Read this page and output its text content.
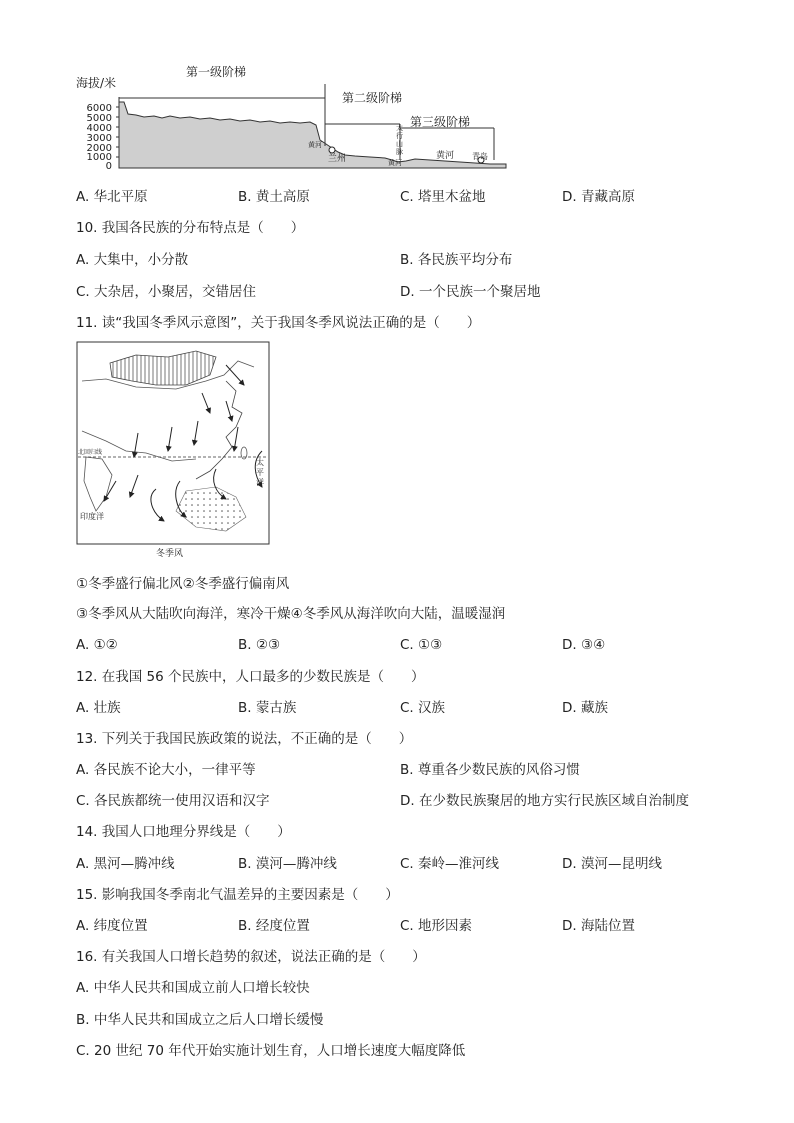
海拔/米
6000
5000
4000
3000
2000
1000
0
第一级阶梯
第二级阶梯
第三级阶梯
太
行
山
脉
黄河
兰州	黄河
黄河 青岛
A. 华北平原	B. 黄土高原	C. 塔里木盆地	D. 青藏高原
10. 我国各民族的分布特点是（　　）
A. 大集中，小分散	B. 各民族平均分布
C. 大杂居，小聚居，交错居住	D. 一个民族一个聚居地
11. 读“我国冬季风示意图”，关于我国冬季风说法正确的是（　　）
北回归线
太 平 洋
印度洋
冬季风
①冬季盛行偏北风②冬季盛行偏南风
③冬季风从大陆吹向海洋，寒冷干燥④冬季风从海洋吹向大陆，温暖湿润
A. ①②	B. ②③	C. ①③	D. ③④
12. 在我国 56 个民族中，人口最多的少数民族是（　　）
A. 壮族	B. 蒙古族	C. 汉族	D. 藏族
13. 下列关于我国民族政策的说法，不正确的是（　　）
A. 各民族不论大小，一律平等	B. 尊重各少数民族的风俗习惯
C. 各民族都统一使用汉语和汉字	D. 在少数民族聚居的地方实行民族区域自治制度
14. 我国人口地理分界线是（　　）
A. 黑河—腾冲线	B. 漠河—腾冲线	C. 秦岭—淮河线	D. 漠河—昆明线
15. 影响我国冬季南北气温差异的主要因素是（　　）
A. 纬度位置	B. 经度位置	C. 地形因素	D. 海陆位置
16. 有关我国人口增长趋势的叙述，说法正确的是（　　）
A. 中华人民共和国成立前人口增长较快
B. 中华人民共和国成立之后人口增长缓慢
C. 20 世纪 70 年代开始实施计划生育，人口增长速度大幅度降低
